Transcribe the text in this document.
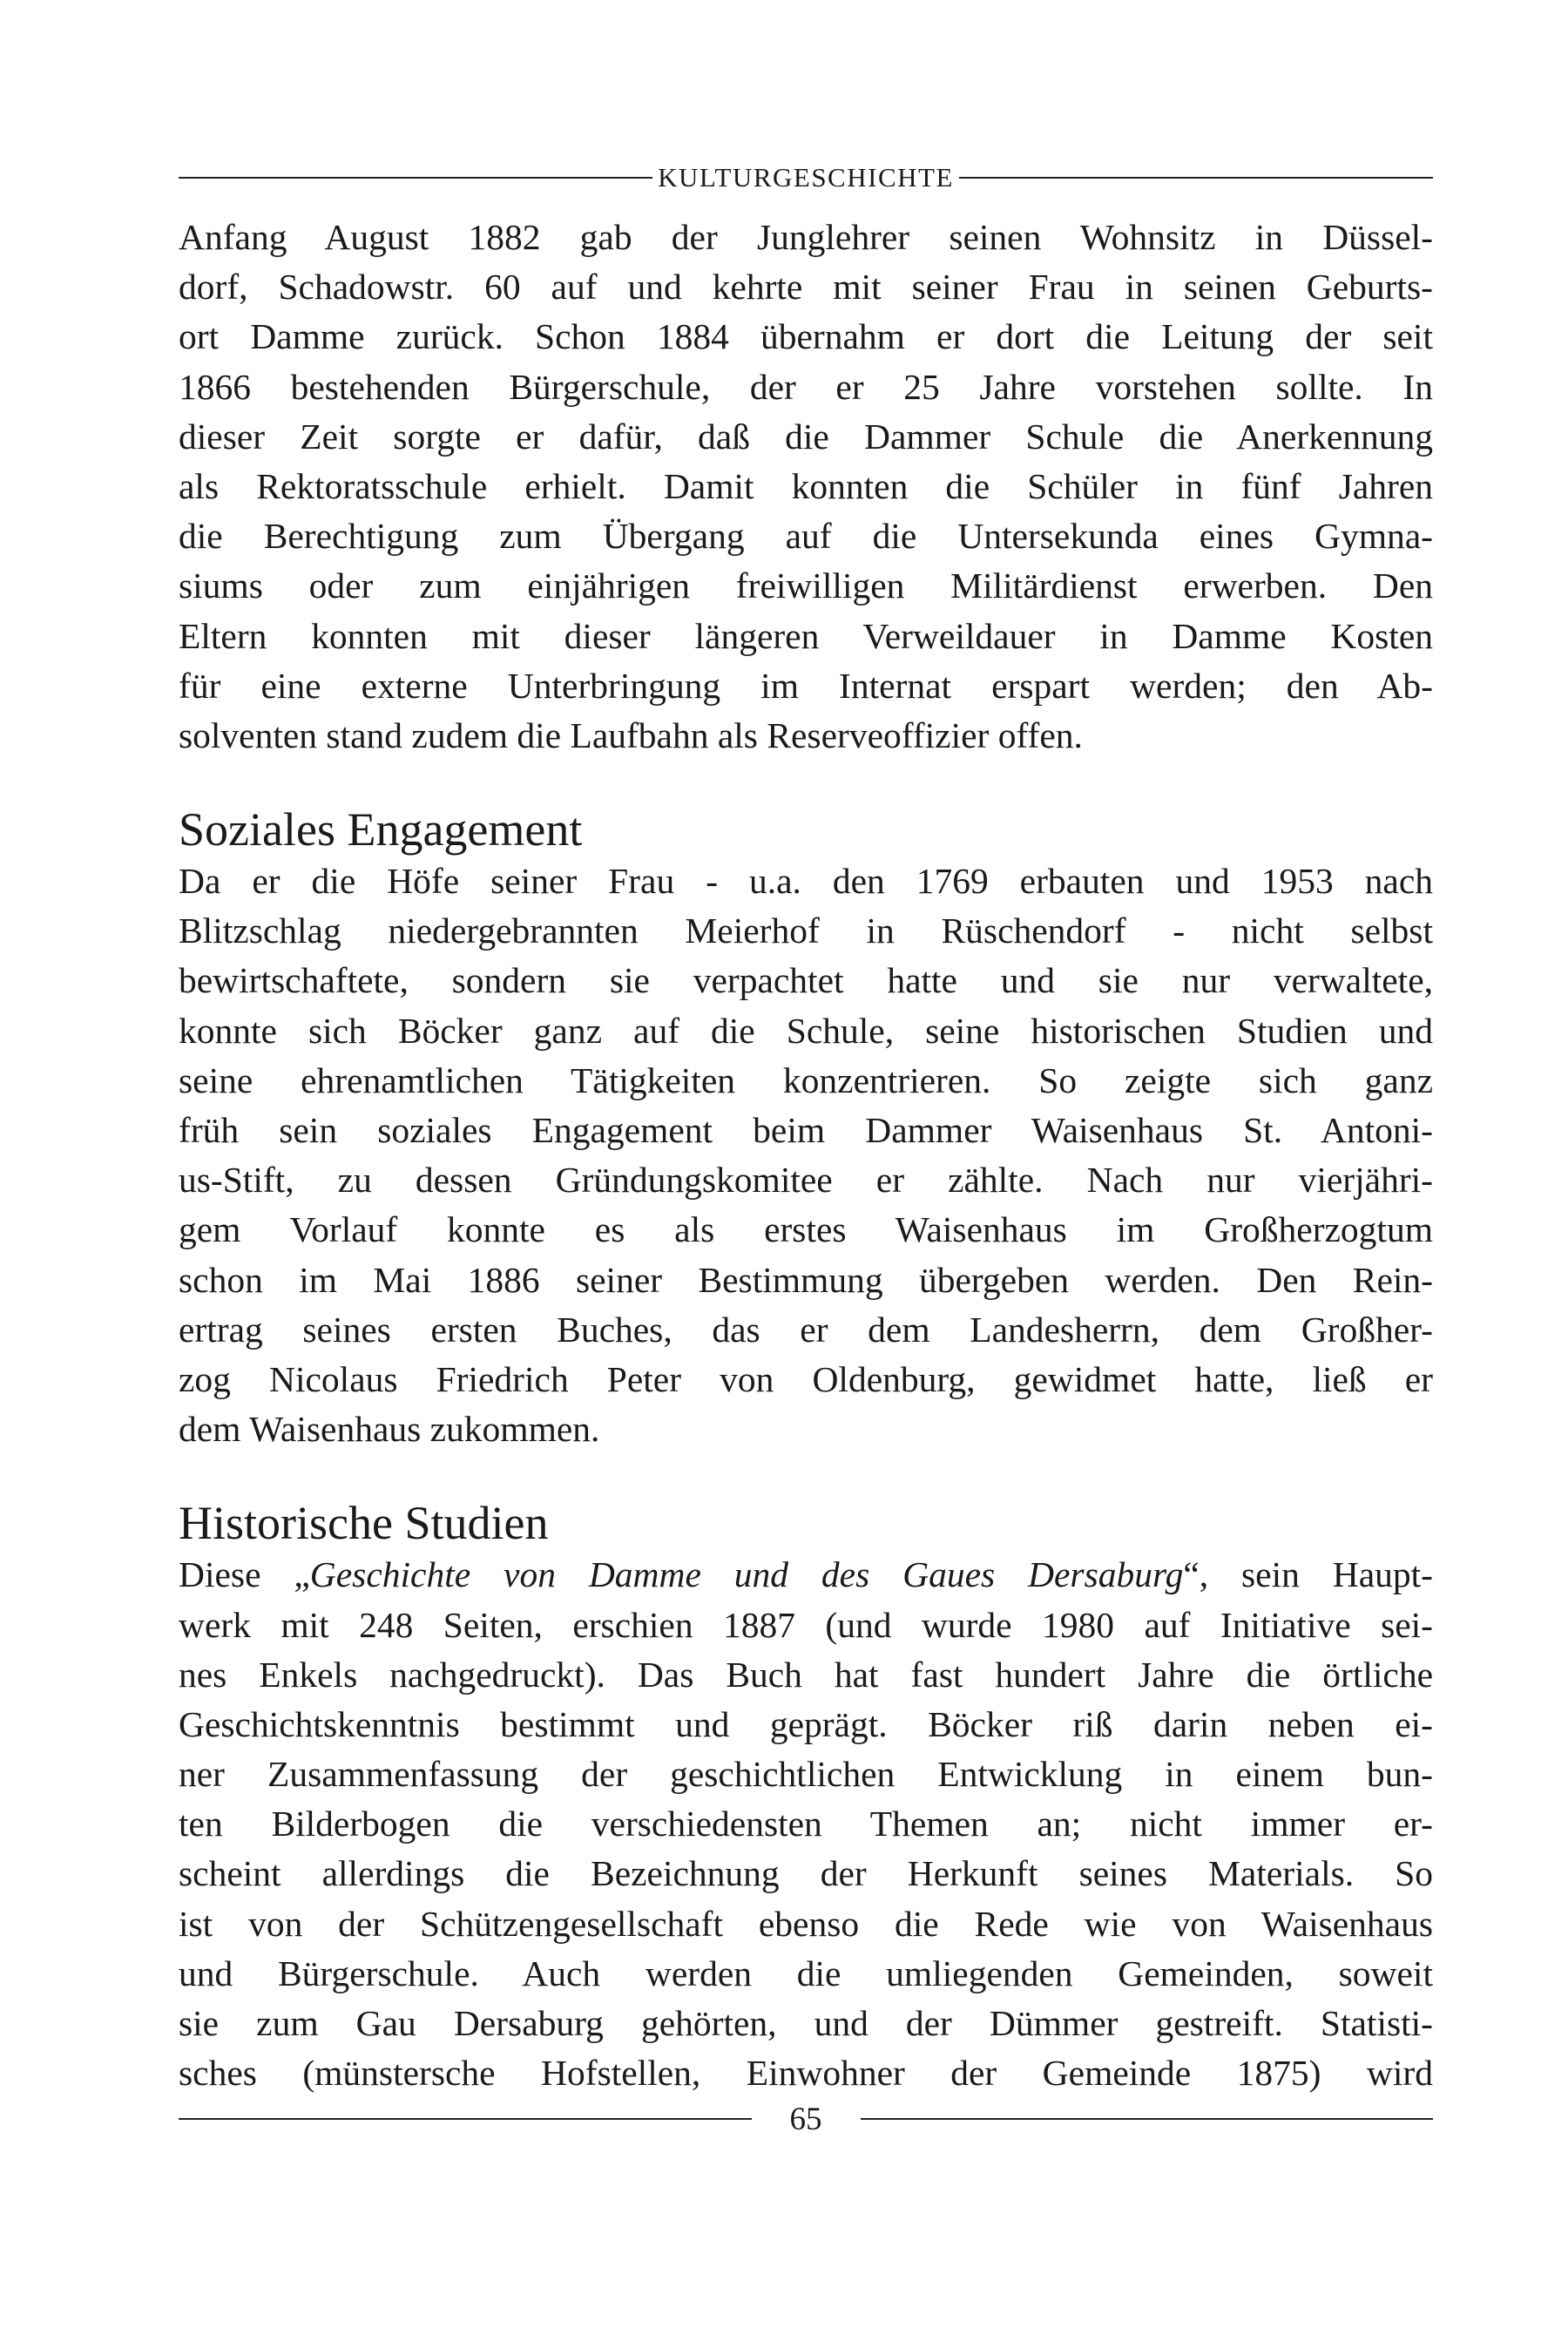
KULTURGESCHICHTE

Anfang August 1882 gab der Junglehrer seinen Wohnsitz in Düssel-
dorf, Schadowstr. 60 auf und kehrte mit seiner Frau in seinen Geburts-
ort Damme zurück. Schon 1884 übernahm er dort die Leitung der seit
1866 bestehenden Bürgerschule, der er 25 Jahre vorstehen sollte. In
dieser Zeit sorgte er dafür, daß die Dammer Schule die Anerkennung
als Rektoratsschule erhielt. Damit konnten die Schüler in fünf Jahren
die Berechtigung zum Übergang auf die Untersekunda eines Gymna-
siums oder zum einjährigen freiwilligen Militärdienst erwerben. Den
Eltern konnten mit dieser längeren Verweildauer in Damme Kosten
für eine externe Unterbringung im Internat erspart werden; den Ab-
solventen stand zudem die Laufbahn als Reserveoffizier offen.

Soziales Engagement

Da er die Höfe seiner Frau - u.a. den 1769 erbauten und 1953 nach
Blitzschlag niedergebrannten Meierhof in Rüschendorf - nicht selbst
bewirtschaftete, sondern sie verpachtet hatte und sie nur verwaltete,
konnte sich Böcker ganz auf die Schule, seine historischen Studien und
seine ehrenamtlichen Tätigkeiten konzentrieren. So zeigte sich ganz
früh sein soziales Engagement beim Dammer Waisenhaus St. Antoni-
us-Stift, zu dessen Gründungskomitee er zählte. Nach nur vierjähri-
gem Vorlauf konnte es als erstes Waisenhaus im Großherzogtum
schon im Mai 1886 seiner Bestimmung übergeben werden. Den Rein-
ertrag seines ersten Buches, das er dem Landesherrn, dem Großher-
zog Nicolaus Friedrich Peter von Oldenburg, gewidmet hatte, ließ er
dem Waisenhaus zukommen.

Historische Studien

Diese „Geschichte von Damme und des Gaues Dersaburg“, sein Haupt-
werk mit 248 Seiten, erschien 1887 (und wurde 1980 auf Initiative sei-
nes Enkels nachgedruckt). Das Buch hat fast hundert Jahre die örtliche
Geschichtskenntnis bestimmt und geprägt. Böcker riß darin neben ei-
ner Zusammenfassung der geschichtlichen Entwicklung in einem bun-
ten Bilderbogen die verschiedensten Themen an; nicht immer er-
scheint allerdings die Bezeichnung der Herkunft seines Materials. So
ist von der Schützengesellschaft ebenso die Rede wie von Waisenhaus
und Bürgerschule. Auch werden die umliegenden Gemeinden, soweit
sie zum Gau Dersaburg gehörten, und der Dümmer gestreift. Statisti-
sches (münstersche Hofstellen, Einwohner der Gemeinde 1875) wird

65
